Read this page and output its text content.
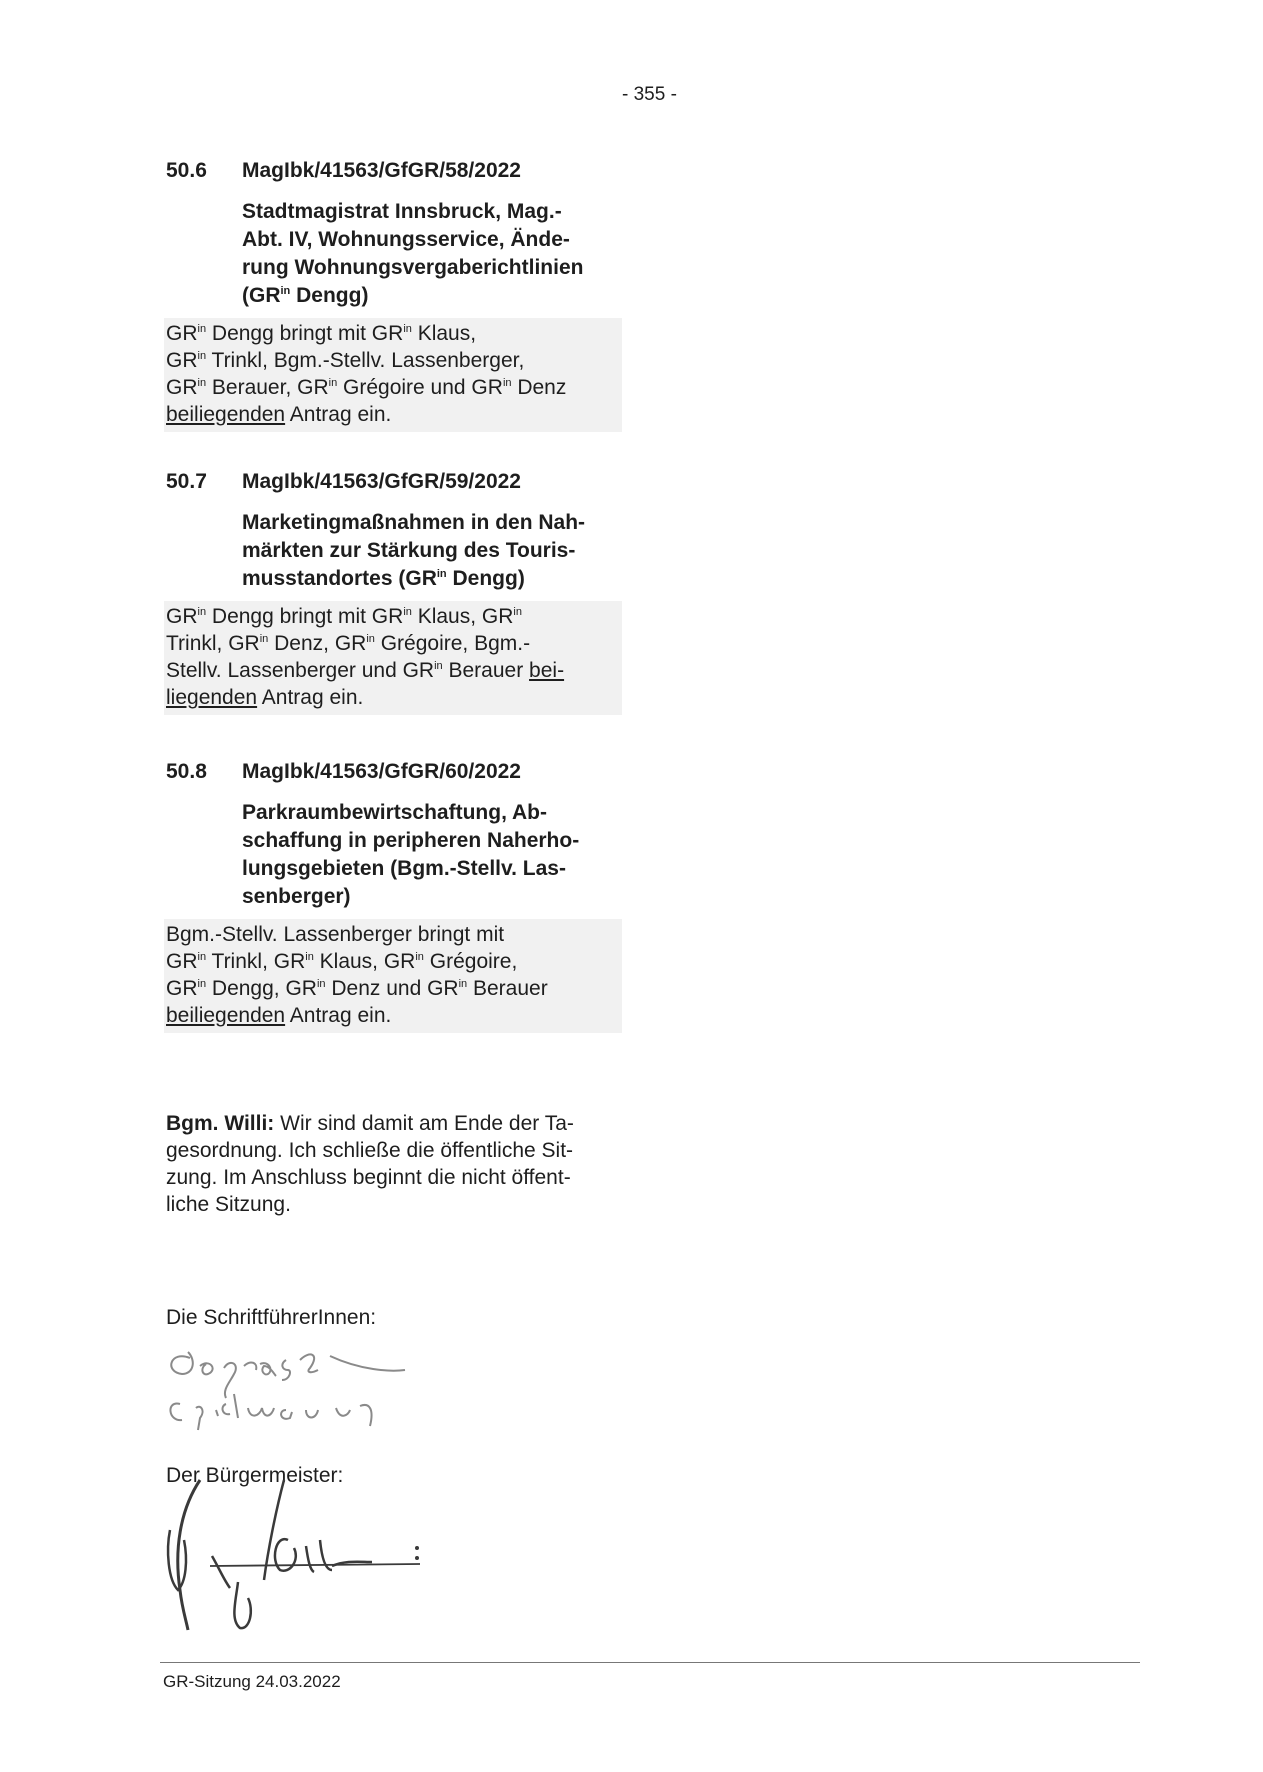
- 355 -
50.6	MagIbk/41563/GfGR/58/2022
Stadtmagistrat Innsbruck, Mag.-
Abt. IV, Wohnungsservice, Ände-
rung Wohnungsvergaberichtlinien
($GR^{in}$ Dengg)
$GR^{in}$ Dengg bringt mit $GR^{in}$ Klaus,
$GR^{in}$ Trinkl, Bgm.-Stellv. Lassenberger,
$GR^{in}$ Berauer, $GR^{in}$ Grégoire und $GR^{in}$ Denz
beiliegenden Antrag ein.
50.7	MagIbk/41563/GfGR/59/2022
Marketingmaßnahmen in den Nah-
märkten zur Stärkung des Touris-
musstandortes ($GR^{in}$ Dengg)
$GR^{in}$ Dengg bringt mit $GR^{in}$ Klaus, $GR^{in}$
Trinkl, $GR^{in}$ Denz, $GR^{in}$ Grégoire, Bgm.-
Stellv. Lassenberger und $GR^{in}$ Berauer bei-
liegenden Antrag ein.
50.8	MagIbk/41563/GfGR/60/2022
Parkraumbewirtschaftung, Ab-
schaffung in peripheren Naherho-
lungsgebieten (Bgm.-Stellv. Las-
senberger)
Bgm.-Stellv. Lassenberger bringt mit
$GR^{in}$ Trinkl, $GR^{in}$ Klaus, $GR^{in}$ Grégoire,
$GR^{in}$ Dengg, $GR^{in}$ Denz und $GR^{in}$ Berauer
beiliegenden Antrag ein.
Bgm. Willi: Wir sind damit am Ende der Ta-
gesordnung. Ich schließe die öffentliche Sit-
zung. Im Anschluss beginnt die nicht öffent-
liche Sitzung.
Die SchriftführerInnen:
Der Bürgermeister:
GR-Sitzung 24.03.2022
